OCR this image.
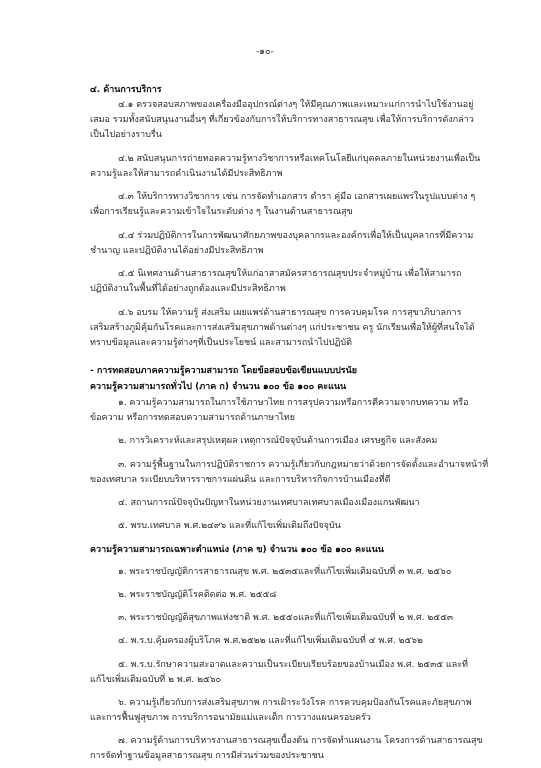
-๑๐-
๔. ด้านการบริการ
๔.๑ ตรวจสอบสภาพของเครื่องมืออุปกรณ์ต่างๆ ให้มีคุณภาพและเหมาะแก่การนำไปใช้งานอยู่
เสมอ รวมทั้งสนับสนุนงานอื่นๆ ที่เกี่ยวข้องกับการให้บริการทางสาธารณสุข เพื่อให้การบริการดังกล่าว
เป็นไปอย่างราบรื่น
๔.๒ สนับสนุนการถ่ายทอดความรู้ทางวิชาการหรือเทคโนโลยีแก่บุคคลภายในหน่วยงานเพื่อเป็น
ความรู้และให้สามารถดำเนินงานได้มีประสิทธิภาพ
๔.๓ ให้บริการทางวิชาการ เช่น การจัดทำเอกสาร ตำรา คู่มือ เอกสารเผยแพร่ในรูปแบบต่าง ๆ
เพื่อการเรียนรู้และความเข้าใจในระดับต่าง ๆ ในงานด้านสาธารณสุข
๔.๔ ร่วมปฏิบัติการในการพัฒนาศักยภาพของบุคลากรและองค์กรเพื่อให้เป็นบุคลากรที่มีความ
ชำนาญ และปฏิบัติงานได้อย่างมีประสิทธิภาพ
๔.๕ นิเทศงานด้านสาธารณสุขให้แก่อาสาสมัครสาธารณสุขประจำหมู่บ้าน เพื่อให้สามารถ
ปฏิบัติงานในพื้นที่ได้อย่างถูกต้องและมีประสิทธิภาพ
๔.๖ อบรม ให้ความรู้ ส่งเสริม เผยแพร่ด้านสาธารณสุข การควบคุมโรค การสุขาภิบาลการ
เสริมสร้างภูมิคุ้มกันโรคและการส่งเสริมสุขภาพด้านต่างๆ แก่ประชาชน ครู นักเรียนเพื่อให้ผู้ที่สนใจได้
ทราบข้อมูลและความรู้ต่างๆที่เป็นประโยชน์ และสามารถนำไปปฏิบัติ
- การทดสอบภาคความรู้ความสามารถ โดยข้อสอบข้อเขียนแบบปรนัย
ความรู้ความสามารถทั่วไป (ภาค ก) จำนวน ๑๐๐ ข้อ ๑๐๐ คะแนน
๑. ความรู้ความสามารถในการใช้ภาษาไทย การสรุปความหรือการตีความจากบทความ หรือ
ข้อความ หรือการทดสอบความสามารถด้านภาษาไทย
๒. การวิเคราะห์และสรุปเหตุผล เหตุการณ์ปัจจุบันด้านการเมือง เศรษฐกิจ และสังคม
๓. ความรู้พื้นฐานในการปฏิบัติราชการ ความรู้เกี่ยวกับกฎหมายว่าด้วยการจัดตั้งและอำนาจหน้าที่
ของเทศบาล ระเบียบบริหารราชการแผ่นดิน และการบริหารกิจการบ้านเมืองที่ดี
๔. สถานการณ์ปัจจุบันปัญหาในหน่วยงานเทศบาลเทศบาลเมืองเมืองแกนพัฒนา
๕. พรบ.เทศบาล พ.ศ.๒๔๙๖ และที่แก้ไขเพิ่มเติมถึงปัจจุบัน
ความรู้ความสามารถเฉพาะตำแหน่ง (ภาค ข) จำนวน ๑๐๐ ข้อ ๑๐๐ คะแนน
๑. พระราชบัญญัติการสาธารณสุข พ.ศ. ๒๕๓๕และที่แก้ไขเพิ่มเติมฉบับที่ ๓ พ.ศ. ๒๕๖๐
๒. พระราชบัญญัติโรคติดต่อ พ.ศ. ๒๕๕๘
๓. พระราชบัญญัติสุขภาพแห่งชาติ พ.ศ. ๒๕๕๐และที่แก้ไขเพิ่มเติมฉบับที่ ๒ พ.ศ. ๒๕๕๓
๔. พ.ร.บ.คุ้มครองผู้บริโภค พ.ศ.๒๕๒๒ และที่แก้ไขเพิ่มเติมฉบับที่ ๔ พ.ศ. ๒๕๖๒
๕. พ.ร.บ.รักษาความสะอาดและความเป็นระเบียบเรียบร้อยของบ้านเมือง พ.ศ. ๒๕๓๕ และที่
แก้ไขเพิ่มเติมฉบับที่ ๒ พ.ศ. ๒๕๖๐
๖. ความรู้เกี่ยวกับการส่งเสริมสุขภาพ การเฝ้าระวังโรค การควบคุมป้องกันโรคและภัยสุขภาพ
และการฟื้นฟูสุขภาพ การบริการอนามัยแม่และเด็ก การวางแผนครอบครัว
๗. ความรู้ด้านการบริหารงานสาธารณสุขเบื้องต้น การจัดทำแผนงาน โครงการด้านสาธารณสุข
การจัดทำฐานข้อมูลสาธารณสุข การมีส่วนร่วมของประชาชน
